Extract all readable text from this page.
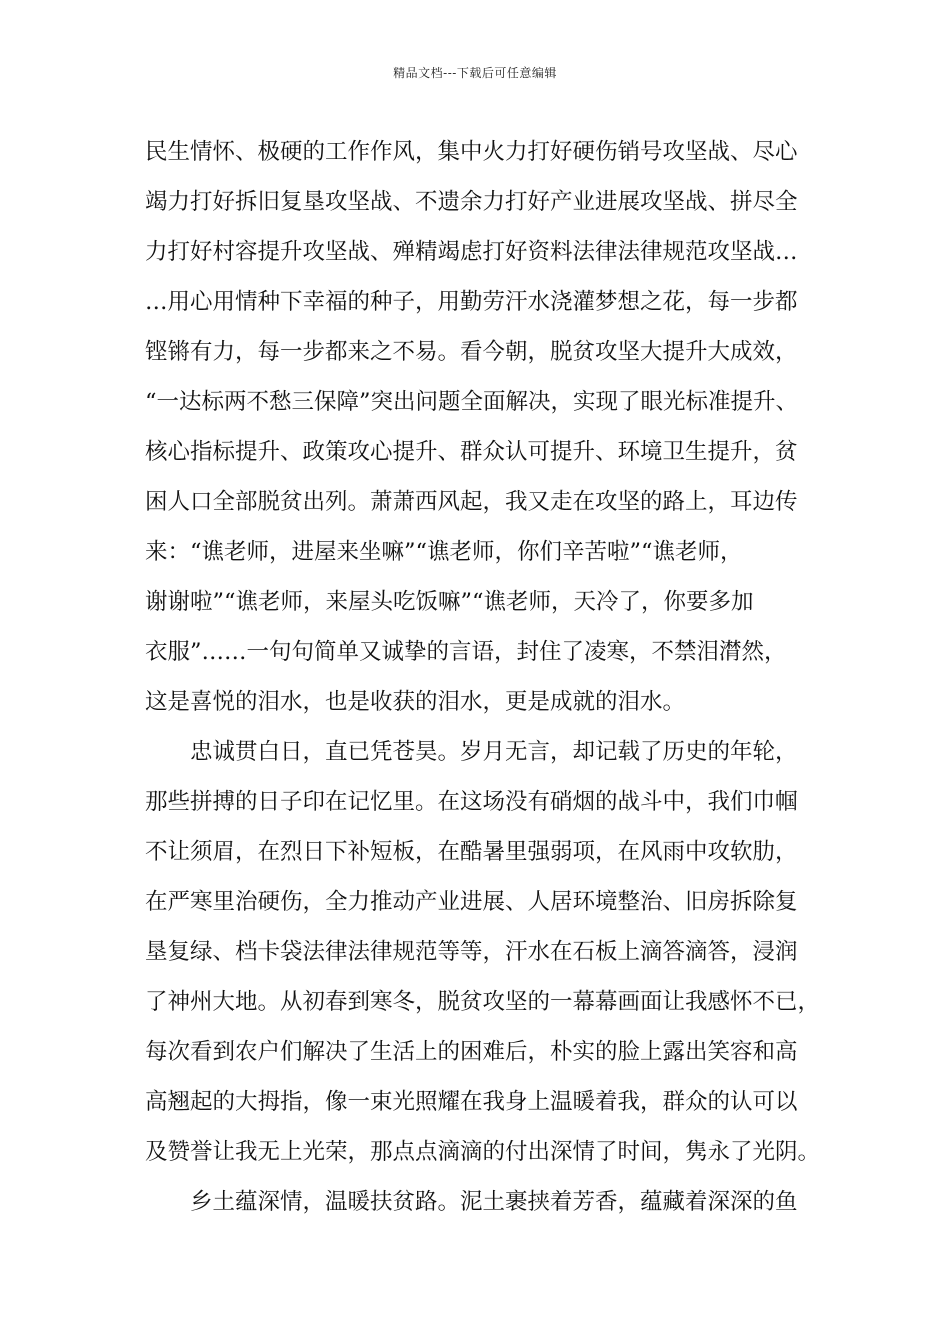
精品文档---下载后可任意编辑
民生情怀、极硬的工作作风，集中火力打好硬伤销号攻坚战、尽心
竭力打好拆旧复垦攻坚战、不遗余力打好产业进展攻坚战、拼尽全
力打好村容提升攻坚战、殚精竭虑打好资料法律法律规范攻坚战…
…用心用情种下幸福的种子，用勤劳汗水浇灌梦想之花，每一步都
铿锵有力，每一步都来之不易。看今朝，脱贫攻坚大提升大成效，
“一达标两不愁三保障”突出问题全面解决，实现了眼光标准提升、
核心指标提升、政策攻心提升、群众认可提升、环境卫生提升，贫
困人口全部脱贫出列。萧萧西风起，我又走在攻坚的路上，耳边传
来：“谯老师，进屋来坐嘛”“谯老师，你们辛苦啦”“谯老师，
谢谢啦”“谯老师，来屋头吃饭嘛”“谯老师，天冷了，你要多加
衣服”……一句句简单又诚挚的言语，封住了凌寒，不禁泪潸然，
这是喜悦的泪水，也是收获的泪水，更是成就的泪水。
忠诚贯白日，直已凭苍昊。岁月无言，却记载了历史的年轮，
那些拼搏的日子印在记忆里。在这场没有硝烟的战斗中，我们巾帼
不让须眉，在烈日下补短板，在酷暑里强弱项，在风雨中攻软肋，
在严寒里治硬伤，全力推动产业进展、人居环境整治、旧房拆除复
垦复绿、档卡袋法律法律规范等等，汗水在石板上滴答滴答，浸润
了神州大地。从初春到寒冬，脱贫攻坚的一幕幕画面让我感怀不已，
每次看到农户们解决了生活上的困难后，朴实的脸上露出笑容和高
高翘起的大拇指，像一束光照耀在我身上温暖着我，群众的认可以
及赞誉让我无上光荣，那点点滴滴的付出深情了时间，隽永了光阴。
乡土蕴深情，温暖扶贫路。泥土裹挟着芳香，蕴藏着深深的鱼
